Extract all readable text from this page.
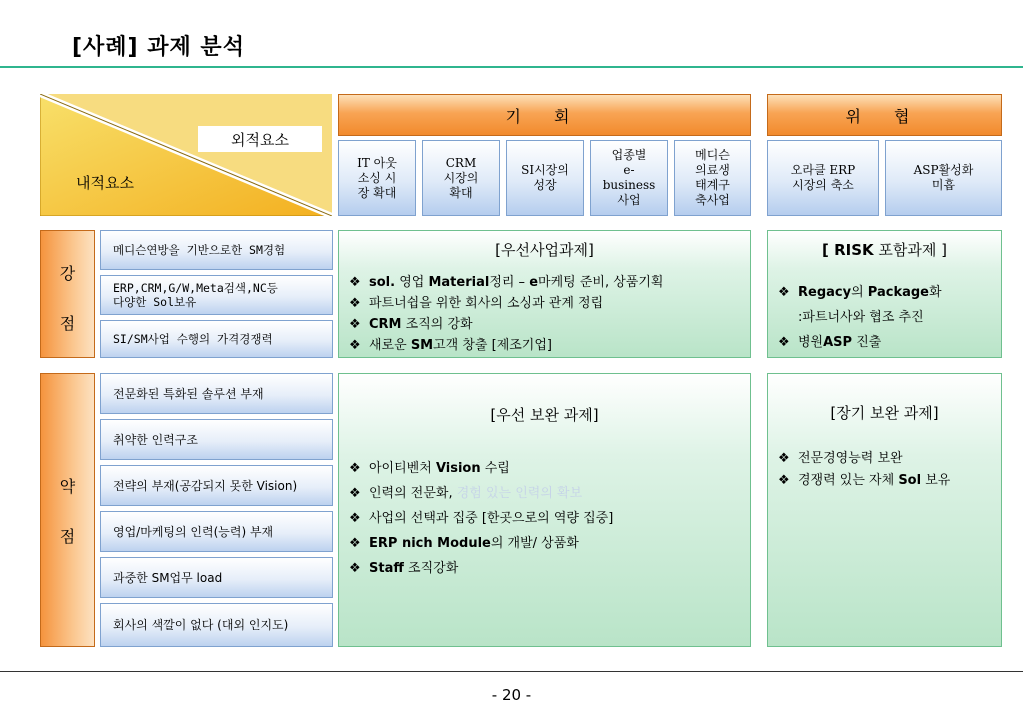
[사례] 과제 분석
외적요소
내적요소
기 회	위 협
IT 아웃
소싱 시
장 확대
CRM
시장의
확대
SI시장의
성장
업종별
e-
business
사업
메디슨
의료생
태계구
축사업
오라클 ERP
시장의 축소
ASP활성화
미흡
강
점
약
점
메디슨연방을 기반으로한 SM경험
ERP,CRM,G/W,Meta검색,NC등
다양한 Sol보유
SI/SM사업 수행의 가격경쟁력
전문화된 특화된 솔루션 부재
취약한 인력구조
전략의 부재(공감되지 못한 Vision)
영업/마케팅의 인력(능력) 부재
과중한 SM업무 load
회사의 색깔이 없다 (대외 인지도)
[우선사업과제]
❖ sol. 영업 Material정리 – e마케팅 준비, 상품기획
❖ 파트너쉽을 위한 회사의 소싱과 관계 정립
❖ CRM 조직의 강화
❖ 새로운 SM고객 창출 [제조기업]
[ RISK 포함과제 ]
❖ Regacy의 Package화
:파트너사와 협조 추진
❖ 병원ASP 진출
[우선 보완 과제]
❖ 아이티벤처 Vision 수립
❖ 인력의 전문화, 경험 있는 인력의 확보
❖ 사업의 선택과 집중 [한곳으로의 역량 집중]
❖ ERP nich Module의 개발/ 상품화
❖ Staff 조직강화
[장기 보완 과제]
❖ 전문경영능력 보완
❖ 경쟁력 있는 자체 Sol 보유
- 20 -
